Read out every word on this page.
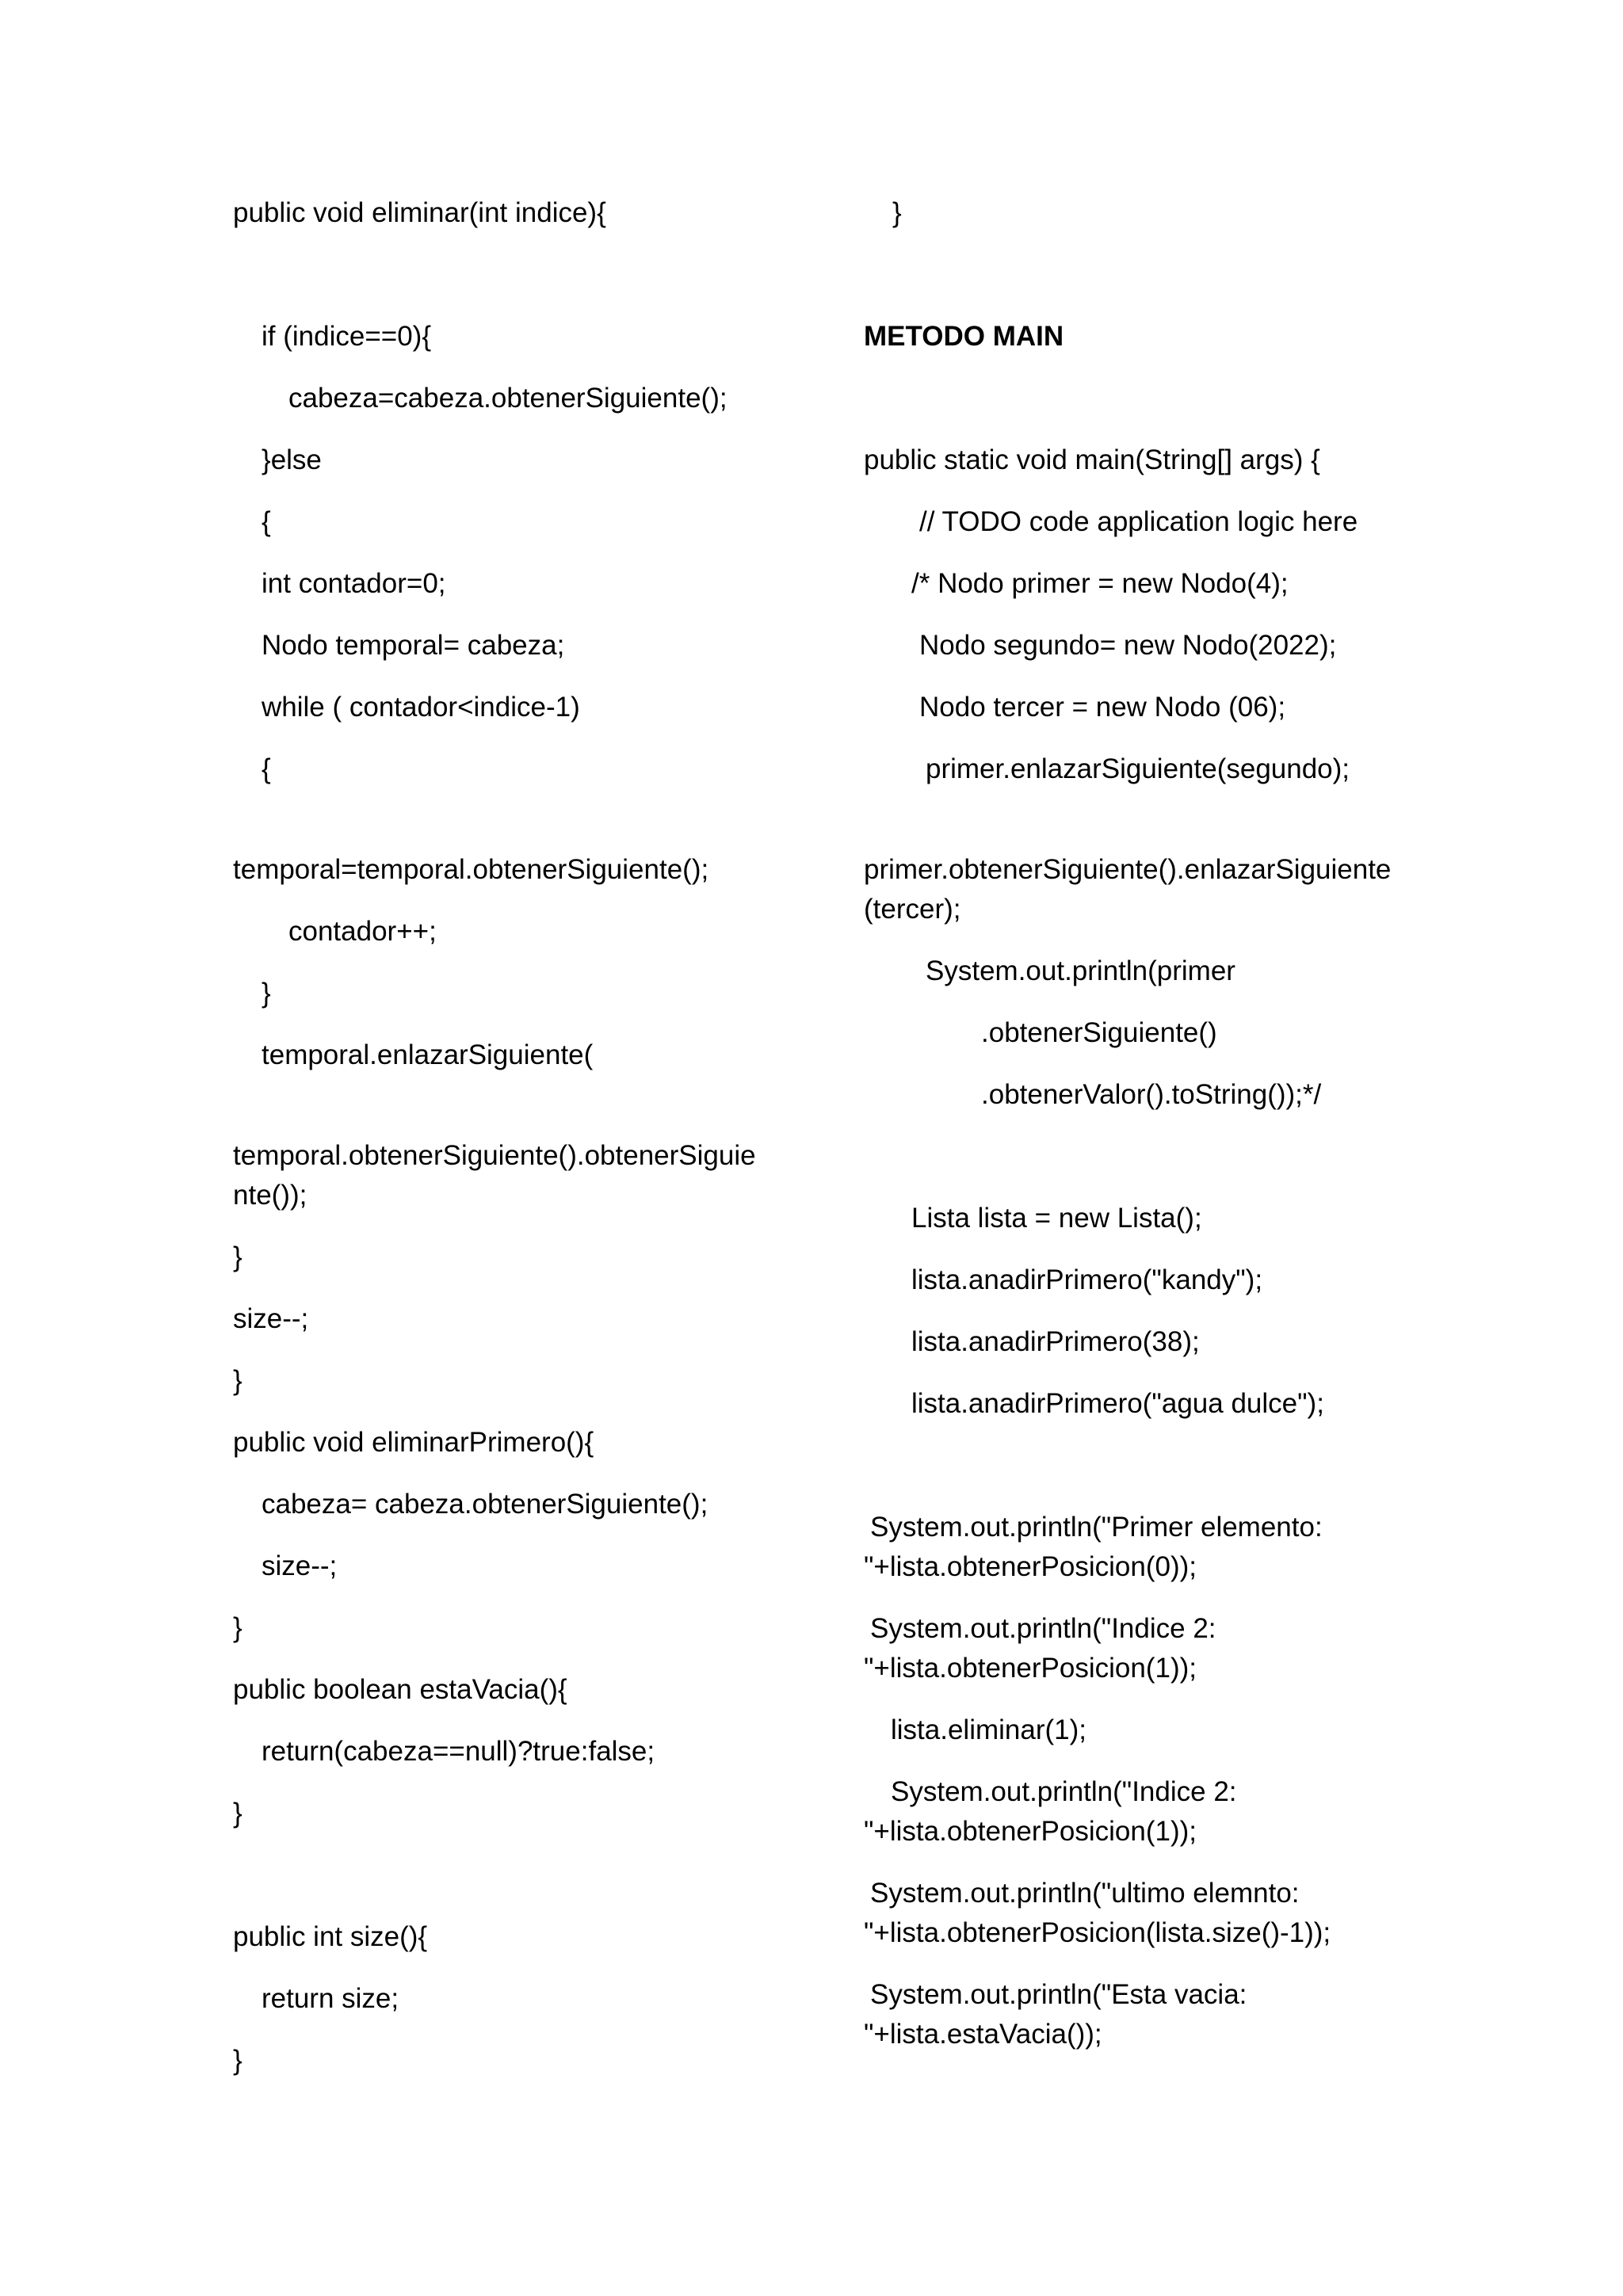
public void eliminar(int indice){
if (indice==0){
cabeza=cabeza.obtenerSiguiente();
}else
{
int contador=0;
Nodo temporal= cabeza;
while ( contador<indice-1)
{
temporal=temporal.obtenerSiguiente();
contador++;
}
temporal.enlazarSiguiente(
temporal.obtenerSiguiente().obtenerSiguie
nte());
}
size--;
}
public void eliminarPrimero(){
cabeza= cabeza.obtenerSiguiente();
size--;
}
public boolean estaVacia(){
return(cabeza==null)?true:false;
}
public int size(){
return size;
}
}
METODO MAIN
public static void main(String[] args) {
// TODO code application logic here
/* Nodo primer = new Nodo(4);
Nodo segundo= new Nodo(2022);
Nodo tercer = new Nodo (06);
primer.enlazarSiguiente(segundo);
primer.obtenerSiguiente().enlazarSiguiente
(tercer);
System.out.println(primer
.obtenerSiguiente()
.obtenerValor().toString());*/
Lista lista = new Lista();
lista.anadirPrimero("kandy");
lista.anadirPrimero(38);
lista.anadirPrimero("agua dulce");
System.out.println("Primer elemento:
"+lista.obtenerPosicion(0));
System.out.println("Indice 2:
"+lista.obtenerPosicion(1));
lista.eliminar(1);
System.out.println("Indice 2:
"+lista.obtenerPosicion(1));
System.out.println("ultimo elemnto:
"+lista.obtenerPosicion(lista.size()-1));
System.out.println("Esta vacia:
"+lista.estaVacia());
